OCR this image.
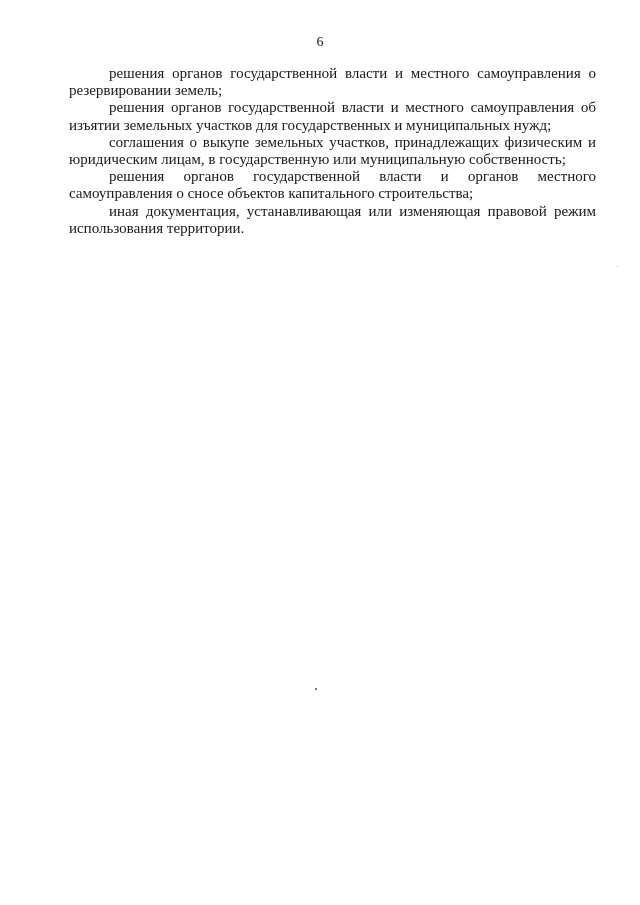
6

решения органов государственной власти и местного самоуправления о резервировании земель;

решения органов государственной власти и местного самоуправления об изъятии земельных участков для государственных и муниципальных нужд;

соглашения о выкупе земельных участков, принадлежащих физическим и юридическим лицам, в государственную или муниципальную собственность;

решения органов государственной власти и органов местного самоуправления о сносе объектов капитального строительства;

иная документация, устанавливающая или изменяющая правовой режим использования территории.
